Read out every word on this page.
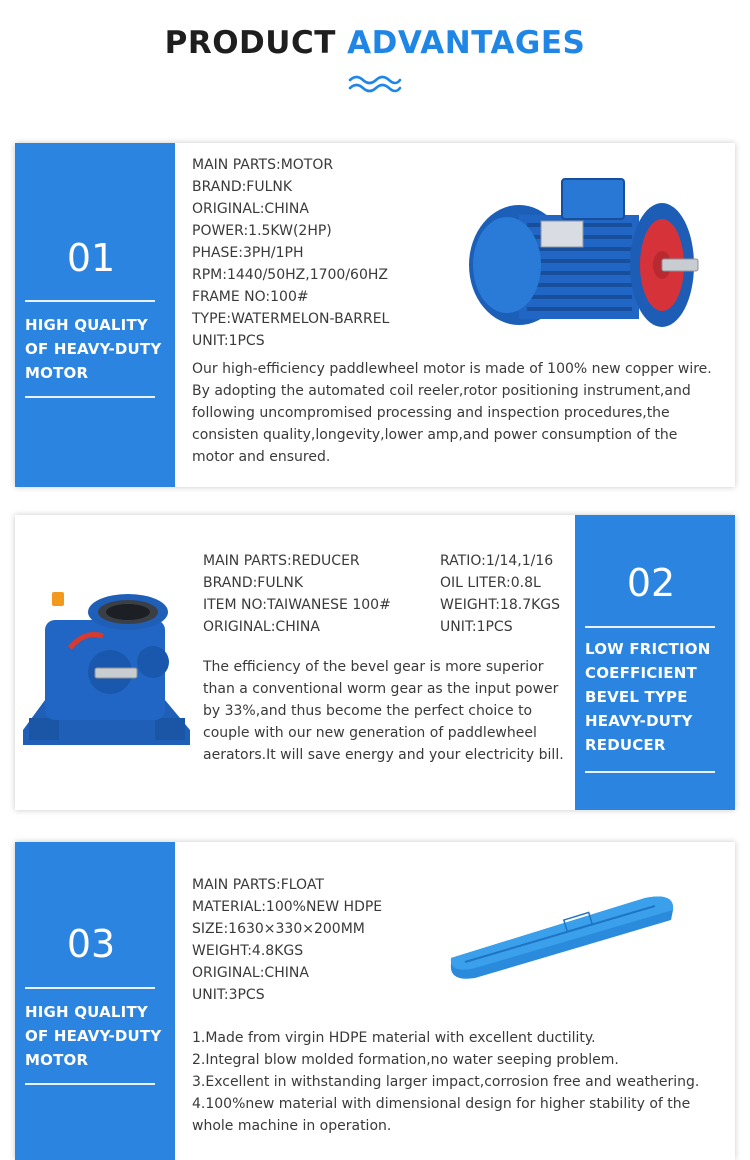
PRODUCT ADVANTAGES
01
HIGH QUALITY
OF HEAVY-DUTY
MOTOR
MAIN PARTS:MOTOR
BRAND:FULNK
ORIGINAL:CHINA
POWER:1.5KW(2HP)
PHASE:3PH/1PH
RPM:1440/50HZ,1700/60HZ
FRAME NO:100#
TYPE:WATERMELON-BARREL
UNIT:1PCS
Our high-efficiency paddlewheel motor is made of 100% new copper wire.
By adopting the automated coil reeler,rotor positioning instrument,and
following uncompromised processing and inspection procedures,the
consisten quality,longevity,lower amp,and power consumption of the
motor and ensured.
MAIN PARTS:REDUCER
BRAND:FULNK
ITEM NO:TAIWANESE 100#
ORIGINAL:CHINA
RATIO:1/14,1/16
OIL LITER:0.8L
WEIGHT:18.7KGS
UNIT:1PCS
The efficiency of the bevel gear is more superior
than a conventional worm gear as the input power
by 33%,and thus become the perfect choice to
couple with our new generation of paddlewheel
aerators.It will save energy and your electricity bill.
02
LOW FRICTION
COEFFICIENT
BEVEL TYPE
HEAVY-DUTY
REDUCER
03
HIGH QUALITY
OF HEAVY-DUTY
MOTOR
MAIN PARTS:FLOAT
MATERIAL:100%NEW HDPE
SIZE:1630×330×200MM
WEIGHT:4.8KGS
ORIGINAL:CHINA
UNIT:3PCS
1.Made from virgin HDPE material with excellent ductility.
2.Integral blow molded formation,no water seeping problem.
3.Excellent in withstanding larger impact,corrosion free and weathering.
4.100%new material with dimensional design for higher stability of the
whole machine in operation.
